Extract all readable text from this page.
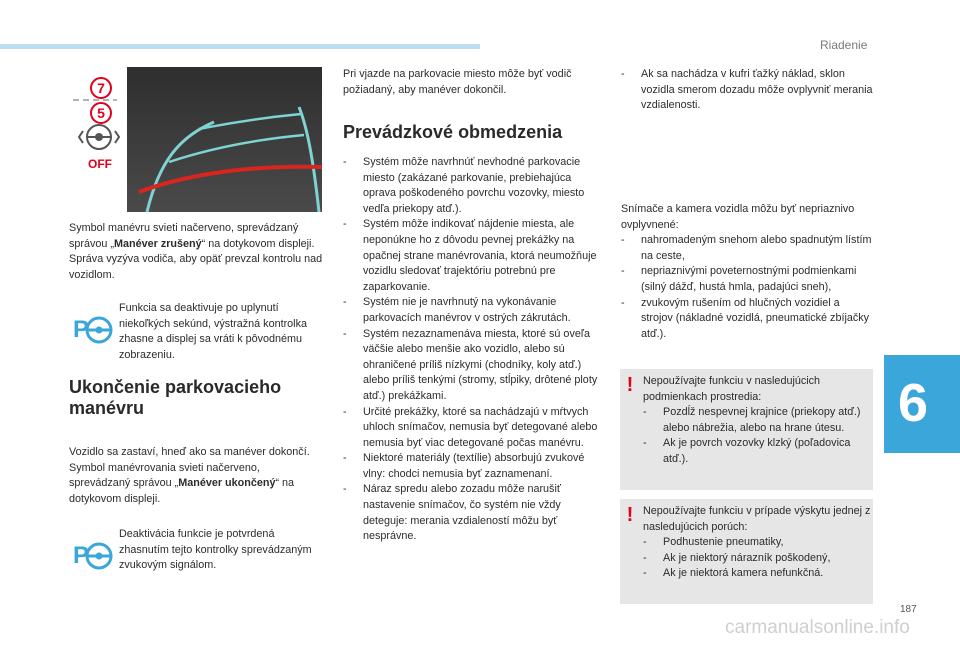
Riadenie
7
5
OFF
Symbol manévru svieti načerveno, sprevádzaný správou „Manéver zrušený“ na dotykovom displeji.
Správa vyzýva vodiča, aby opäť prevzal kontrolu nad vozidlom.
P
Funkcia sa deaktivuje po uplynutí niekoľkých sekúnd, výstražná kontrolka zhasne a displej sa vráti k pôvodnému zobrazeniu.
Ukončenie parkovacieho manévru
Vozidlo sa zastaví, hneď ako sa manéver dokončí.
Symbol manévrovania svieti načerveno, sprevádzaný správou „Manéver ukončený“ na dotykovom displeji.
P
Deaktivácia funkcie je potvrdená zhasnutím tejto kontrolky sprevádzaným zvukovým signálom.
Pri vjazde na parkovacie miesto môže byť vodič požiadaný, aby manéver dokončil.
Prevádzkové obmedzenia
- Systém môže navrhnúť nevhodné parkovacie miesto (zakázané parkovanie, prebiehajúca oprava poškodeného povrchu vozovky, miesto vedľa priekopy atď.).
- Systém môže indikovať nájdenie miesta, ale neponúkne ho z dôvodu pevnej prekážky na opačnej strane manévrovania, ktorá neumožňuje vozidlu sledovať trajektóriu potrebnú pre zaparkovanie.
- Systém nie je navrhnutý na vykonávanie parkovacích manévrov v ostrých zákrutách.
- Systém nezaznamenáva miesta, ktoré sú oveľa väčšie alebo menšie ako vozidlo, alebo sú ohraničené príliš nízkymi (chodníky, koly atď.) alebo príliš tenkými (stromy, stĺpiky, drôtené ploty atď.) prekážkami.
- Určité prekážky, ktoré sa nachádzajú v mŕtvych uhloch snímačov, nemusia byť detegované alebo nemusia byť viac detegované počas manévru.
- Niektoré materiály (textílie) absorbujú zvukové vlny: chodci nemusia byť zaznamenaní.
- Náraz spredu alebo zozadu môže narušiť nastavenie snímačov, čo systém nie vždy deteguje: merania vzdialeností môžu byť nesprávne.
- Ak sa nachádza v kufri ťažký náklad, sklon vozidla smerom dozadu môže ovplyvniť merania vzdialenosti.
Snímače a kamera vozidla môžu byť nepriaznivo ovplyvnené:
- nahromadeným snehom alebo spadnutým lístím na ceste,
- nepriaznivými poveternostnými podmienkami (silný dážď, hustá hmla, padajúci sneh),
- zvukovým rušením od hlučných vozidiel a strojov (nákladné vozidlá, pneumatické zbíjačky atď.).
! Nepoužívajte funkciu v nasledujúcich podmienkach prostredia:
- Pozdĺž nespevnej krajnice (priekopy atď.) alebo nábrežia, alebo na hrane útesu.
- Ak je povrch vozovky klzký (poľadovica atď.).
! Nepoužívajte funkciu v prípade výskytu jednej z nasledujúcich porúch:
- Podhustenie pneumatiky,
- Ak je niektorý nárazník poškodený,
- Ak je niektorá kamera nefunkčná.
6
187
carmanualsonline.info
